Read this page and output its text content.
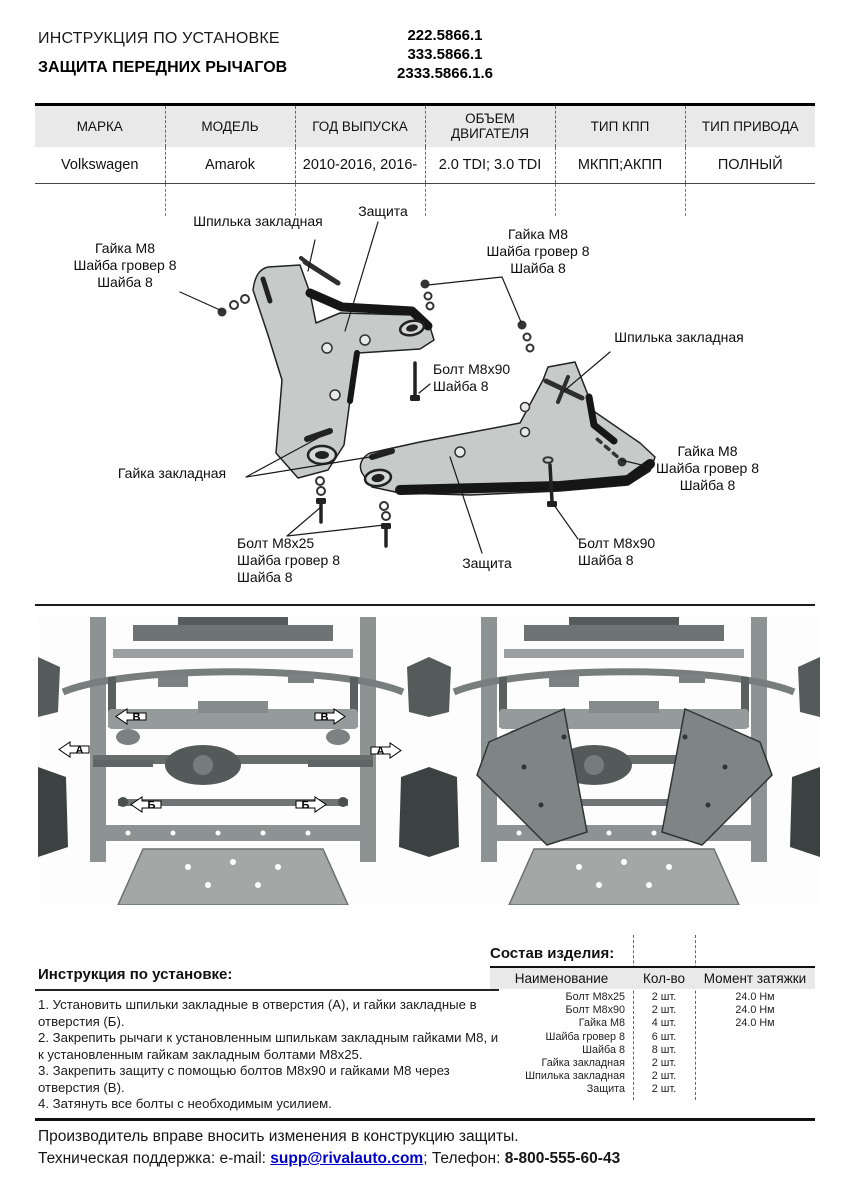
ИНСТРУКЦИЯ ПО УСТАНОВКЕ
ЗАЩИТА ПЕРЕДНИХ РЫЧАГОВ
222.5866.1
333.5866.1
2333.5866.1.6
МАРКА	МОДЕЛЬ	ГОД ВЫПУСКА	ОБЪЕМ ДВИГАТЕЛЯ	ТИП КПП	ТИП ПРИВОДА
Volkswagen	Amarok	2010-2016, 2016-	2.0 TDI; 3.0 TDI	МКПП;АКПП	ПОЛНЫЙ
Шпилька закладная
Защита
Гайка М8
Шайба гровер 8
Шайба 8
Гайка М8
Шайба гровер 8
Шайба 8
Шпилька закладная
Болт М8х90
Шайба 8
Гайка закладная
Болт М8х25
Шайба гровер 8
Шайба 8
Защита
Болт М8х90
Шайба 8
Гайка М8
Шайба гровер 8
Шайба 8
В	В
А	А
Б	Б
Инструкция по установке:
1. Установить шпильки закладные в отверстия (А), и гайки закладные в отверстия (Б).
2. Закрепить рычаги к установленным шпилькам закладным гайками М8, и к установленным гайкам закладным болтами М8х25.
3. Закрепить защиту с помощью болтов М8х90 и гайками М8 через отверстия (В).
4. Затянуть все болты с необходимым усилием.
Состав изделия:
Наименование	Кол-во	Момент затяжки
Болт М8х25	2 шт.	24.0 Нм
Болт М8х90	2 шт.	24.0 Нм
Гайка М8	4 шт.	24.0 Нм
Шайба гровер 8	6 шт.
Шайба 8	8 шт.
Гайка закладная	2 шт.
Шпилька закладная	2 шт.
Защита	2 шт.
Производитель вправе вносить изменения в конструкцию защиты.
Техническая поддержка: e-mail: supp@rivalauto.com; Телефон: 8-800-555-60-43
